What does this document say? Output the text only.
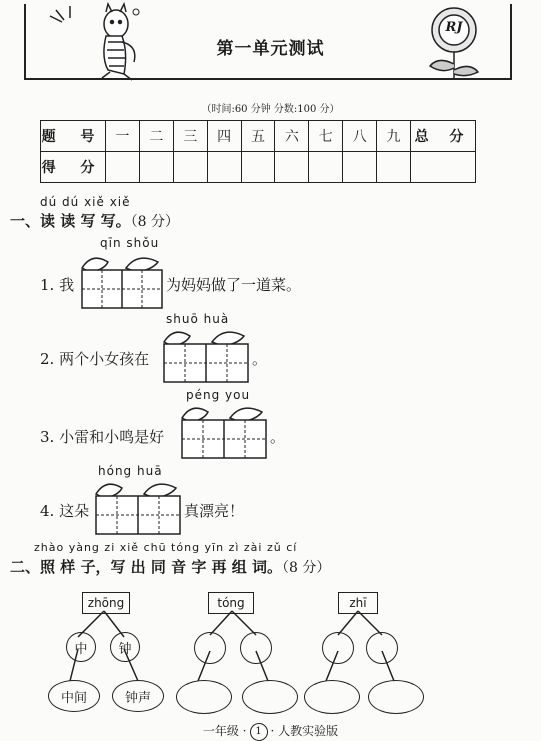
RJ
第一单元测试
（时间:60 分钟 分数:100 分）
题 号	一	二	三	四	五	六	七	八	九	总 分
得 分										
dú dú xiě xiě
一、读 读 写 写。（8 分）
qīn shǒu
1. 我	为妈妈做了一道菜。
shuō huà
2. 两个小女孩在	。
péng you
3. 小雷和小鸣是好	。
hóng huā
4. 这朵	真漂亮！
zhào yàng zi xiě chū tóng yīn zì zài zǔ cí
二、照 样 子，写 出 同 音 字 再 组 词。（8 分）
zhōng
中	钟
中间	钟声
tóng	zhī
一年级 · 1 · 人教实验版
